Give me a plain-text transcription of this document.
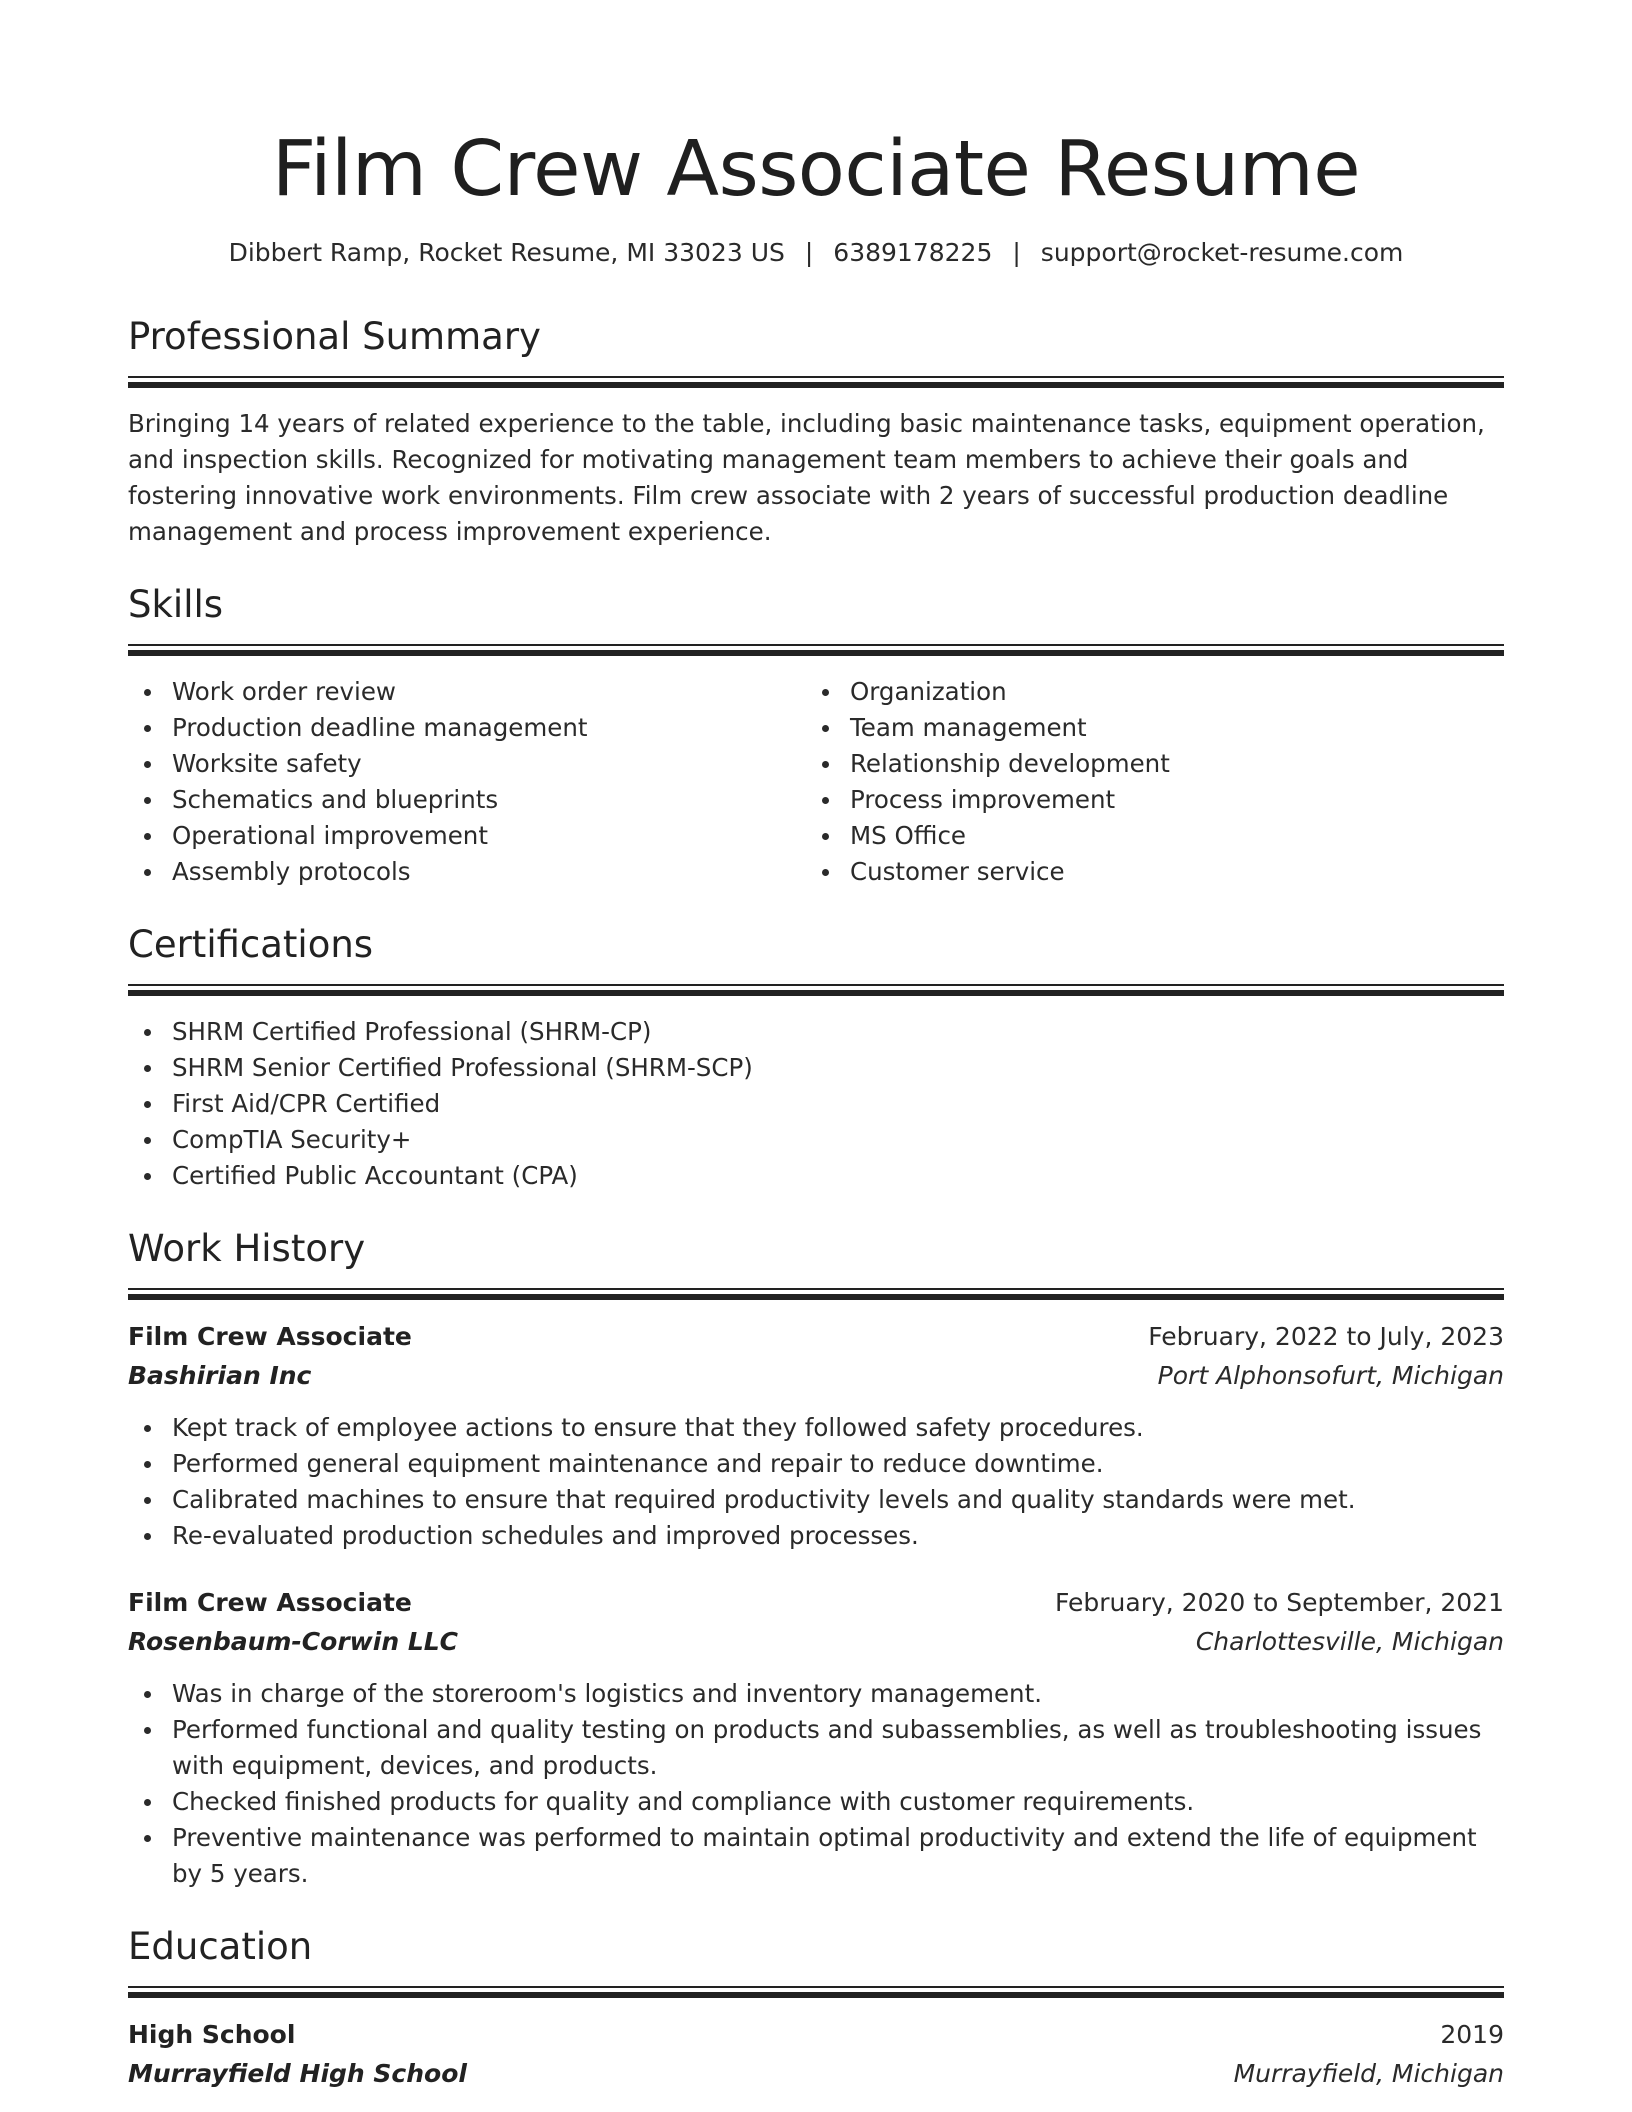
Film Crew Associate Resume
Dibbert Ramp, Rocket Resume, MI 33023 US | 6389178225 | support@rocket-resume.com
Professional Summary
Bringing 14 years of related experience to the table, including basic maintenance tasks, equipment operation, and inspection skills. Recognized for motivating management team members to achieve their goals and fostering innovative work environments. Film crew associate with 2 years of successful production deadline management and process improvement experience.
Skills
Work order review
Production deadline management
Worksite safety
Schematics and blueprints
Operational improvement
Assembly protocols
Organization
Team management
Relationship development
Process improvement
MS Office
Customer service
Certifications
SHRM Certified Professional (SHRM-CP)
SHRM Senior Certified Professional (SHRM-SCP)
First Aid/CPR Certified
CompTIA Security+
Certified Public Accountant (CPA)
Work History
Film Crew Associate	February, 2022 to July, 2023
Bashirian Inc	Port Alphonsofurt, Michigan
Kept track of employee actions to ensure that they followed safety procedures.
Performed general equipment maintenance and repair to reduce downtime.
Calibrated machines to ensure that required productivity levels and quality standards were met.
Re-evaluated production schedules and improved processes.
Film Crew Associate	February, 2020 to September, 2021
Rosenbaum-Corwin LLC	Charlottesville, Michigan
Was in charge of the storeroom's logistics and inventory management.
Performed functional and quality testing on products and subassemblies, as well as troubleshooting issues with equipment, devices, and products.
Checked finished products for quality and compliance with customer requirements.
Preventive maintenance was performed to maintain optimal productivity and extend the life of equipment by 5 years.
Education
High School	2019
Murrayfield High School	Murrayfield, Michigan
